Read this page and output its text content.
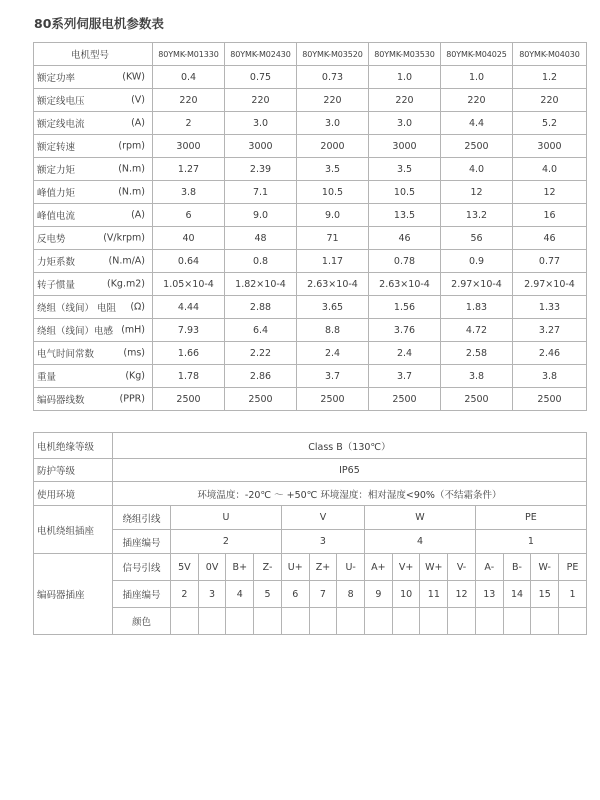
80系列伺服电机参数表
电机型号	80YMK-M01330	80YMK-M02430	80YMK-M03520	80YMK-M03530	80YMK-M04025	80YMK-M04030

额定功率 (KW)	0.4	0.75	0.73	1.0	1.0	1.2

额定线电压 (V)	220	220	220	220	220	220

额定线电流 (A)	2	3.0	3.0	3.0	4.4	5.2

额定转速 (rpm)	3000	3000	2000	3000	2500	3000

额定力矩 (N.m)	1.27	2.39	3.5	3.5	4.0	4.0

峰值力矩 (N.m)	3.8	7.1	10.5	10.5	12	12

峰值电流 (A)	6	9.0	9.0	13.5	13.2	16

反电势 (V/krpm)	40	48	71	46	56	46

力矩系数 (N.m/A)	0.64	0.8	1.17	0.78	0.9	0.77

转子惯量 (Kg.m2)	1.05×10-4	1.82×10-4	2.63×10-4	2.63×10-4	2.97×10-4	2.97×10-4

绕组（线间） 电阻 (Ω)	4.44	2.88	3.65	1.56	1.83	1.33

绕组（线间）电感 (mH)	7.93	6.4	8.8	3.76	4.72	3.27

电气时间常数 (ms)	1.66	2.22	2.4	2.4	2.58	2.46

重量 (Kg)	1.78	2.86	3.7	3.7	3.8	3.8

编码器线数 (PPR)	2500	2500	2500	2500	2500	2500
电机绝缘等级	Class B（130℃）															
防护等级	IP65															
使用环境	环境温度：-20℃ ～ +50℃ 环境湿度：相对湿度<90%（不结霜条件）															
电机绕组插座	绕组引线	U				V			W				PE			
	插座编号	2				3			4				1			
编码器插座	信号引线	5V	0V	B+	Z-	U+	Z+	U-	A+	V+	W+	V-	A-	B-	W-	PE
	插座编号	2	3	4	5	6	7	8	9	10	11	12	13	14	15	1
	颜色															
